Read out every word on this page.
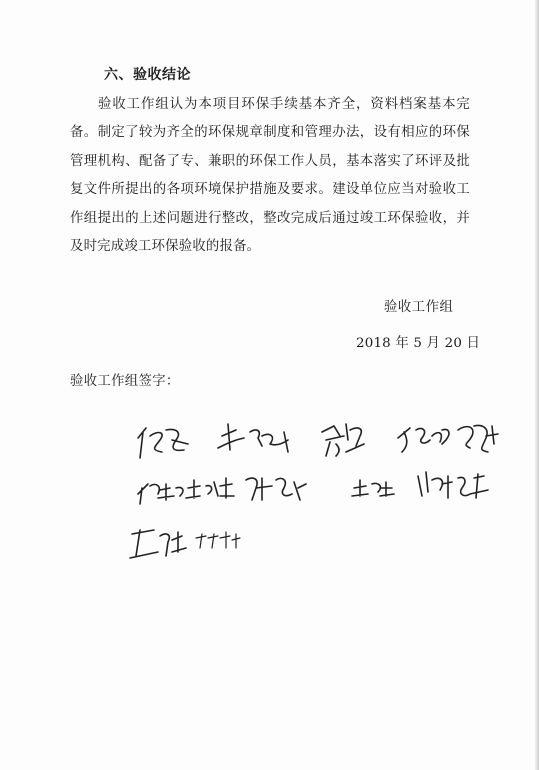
六、验收结论
验收工作组认为本项目环保手续基本齐全，资料档案基本完备。制定了较为齐全的环保规章制度和管理办法，设有相应的环保管理机构、配备了专、兼职的环保工作人员，基本落实了环评及批复文件所提出的各项环境保护措施及要求。建设单位应当对验收工作组提出的上述问题进行整改，整改完成后通过竣工环保验收，并及时完成竣工环保验收的报备。
验收工作组
2018 年 5 月 20 日
验收工作组签字：
